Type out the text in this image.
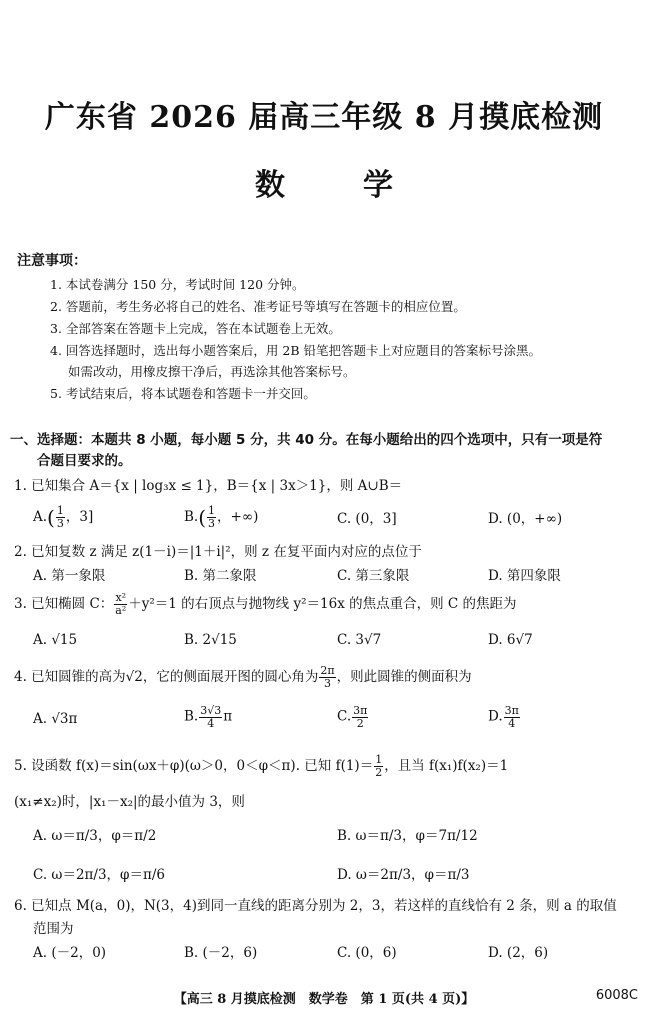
广东省 2026 届高三年级 8 月摸底检测
数　学
注意事项：
1. 本试卷满分 150 分，考试时间 120 分钟。
2. 答题前，考生务必将自己的姓名、准考证号等填写在答题卡的相应位置。
3. 全部答案在答题卡上完成，答在本试题卷上无效。
4. 回答选择题时，选出每小题答案后，用 2B 铅笔把答题卡上对应题目的答案标号涂黑。
如需改动，用橡皮擦干净后，再选涂其他答案标号。
5. 考试结束后，将本试题卷和答题卡一并交回。
一、选择题：本题共 8 小题，每小题 5 分，共 40 分。在每小题给出的四个选项中，只有一项是符
合题目要求的。
1. 已知集合 A＝{x | log₃x ≤ 1}，B＝{x | 3x＞1}，则 A∪B＝
$A.( \frac{1}{3}$ ，3]	$B.( \frac{1}{3}$ ，+∞)	C. (0，3]	D. (0，+∞)
2. 已知复数 z 满足 z(1－i)＝|1＋i|²，则 z 在复平面内对应的点位于
A. 第一象限	B. 第二象限	C. 第三象限	D. 第四象限
3. 已知椭圆 C： $\frac{\text{x²}}{\text{a²}} +y^2=1$ 的右顶点与抛物线 y²＝16x 的焦点重合，则 C 的焦距为
A. √15	B. 2√15	C. 3√7	D. 6√7
4. 已知圆锥的高为√2，它的侧面展开图的圆心角为 $\frac{2\pi}{3}$ ，则此圆锥的侧面积为
A. √3π	B. $\frac{3√3}{4}$ π	C. $\frac{3\pi}{2}$	D. $\frac{3\pi}{4}$
5. 设函数 f(x)＝sin(ωx＋φ)(ω＞0，0＜φ＜π). 已知 $f(1)= \frac{1}{2}$ ，且当 f(x₁)f(x₂)＝1
(x₁≠x₂)时，|x₁－x₂|的最小值为 3，则
A. ω＝π/3，φ＝π/2	B. ω＝π/3，φ＝7π/12
C. ω＝2π/3，φ＝π/6	D. ω＝2π/3，φ＝π/3
6. 已知点 M(a，0)，N(3，4)到同一直线的距离分别为 2，3，若这样的直线恰有 2 条，则 a 的取值
范围为
A. (－2，0)	B. (－2，6)	C. (0，6)	D. (2，6)
【高三 8 月摸底检测　数学卷　第 1 页(共 4 页)】	6008C
